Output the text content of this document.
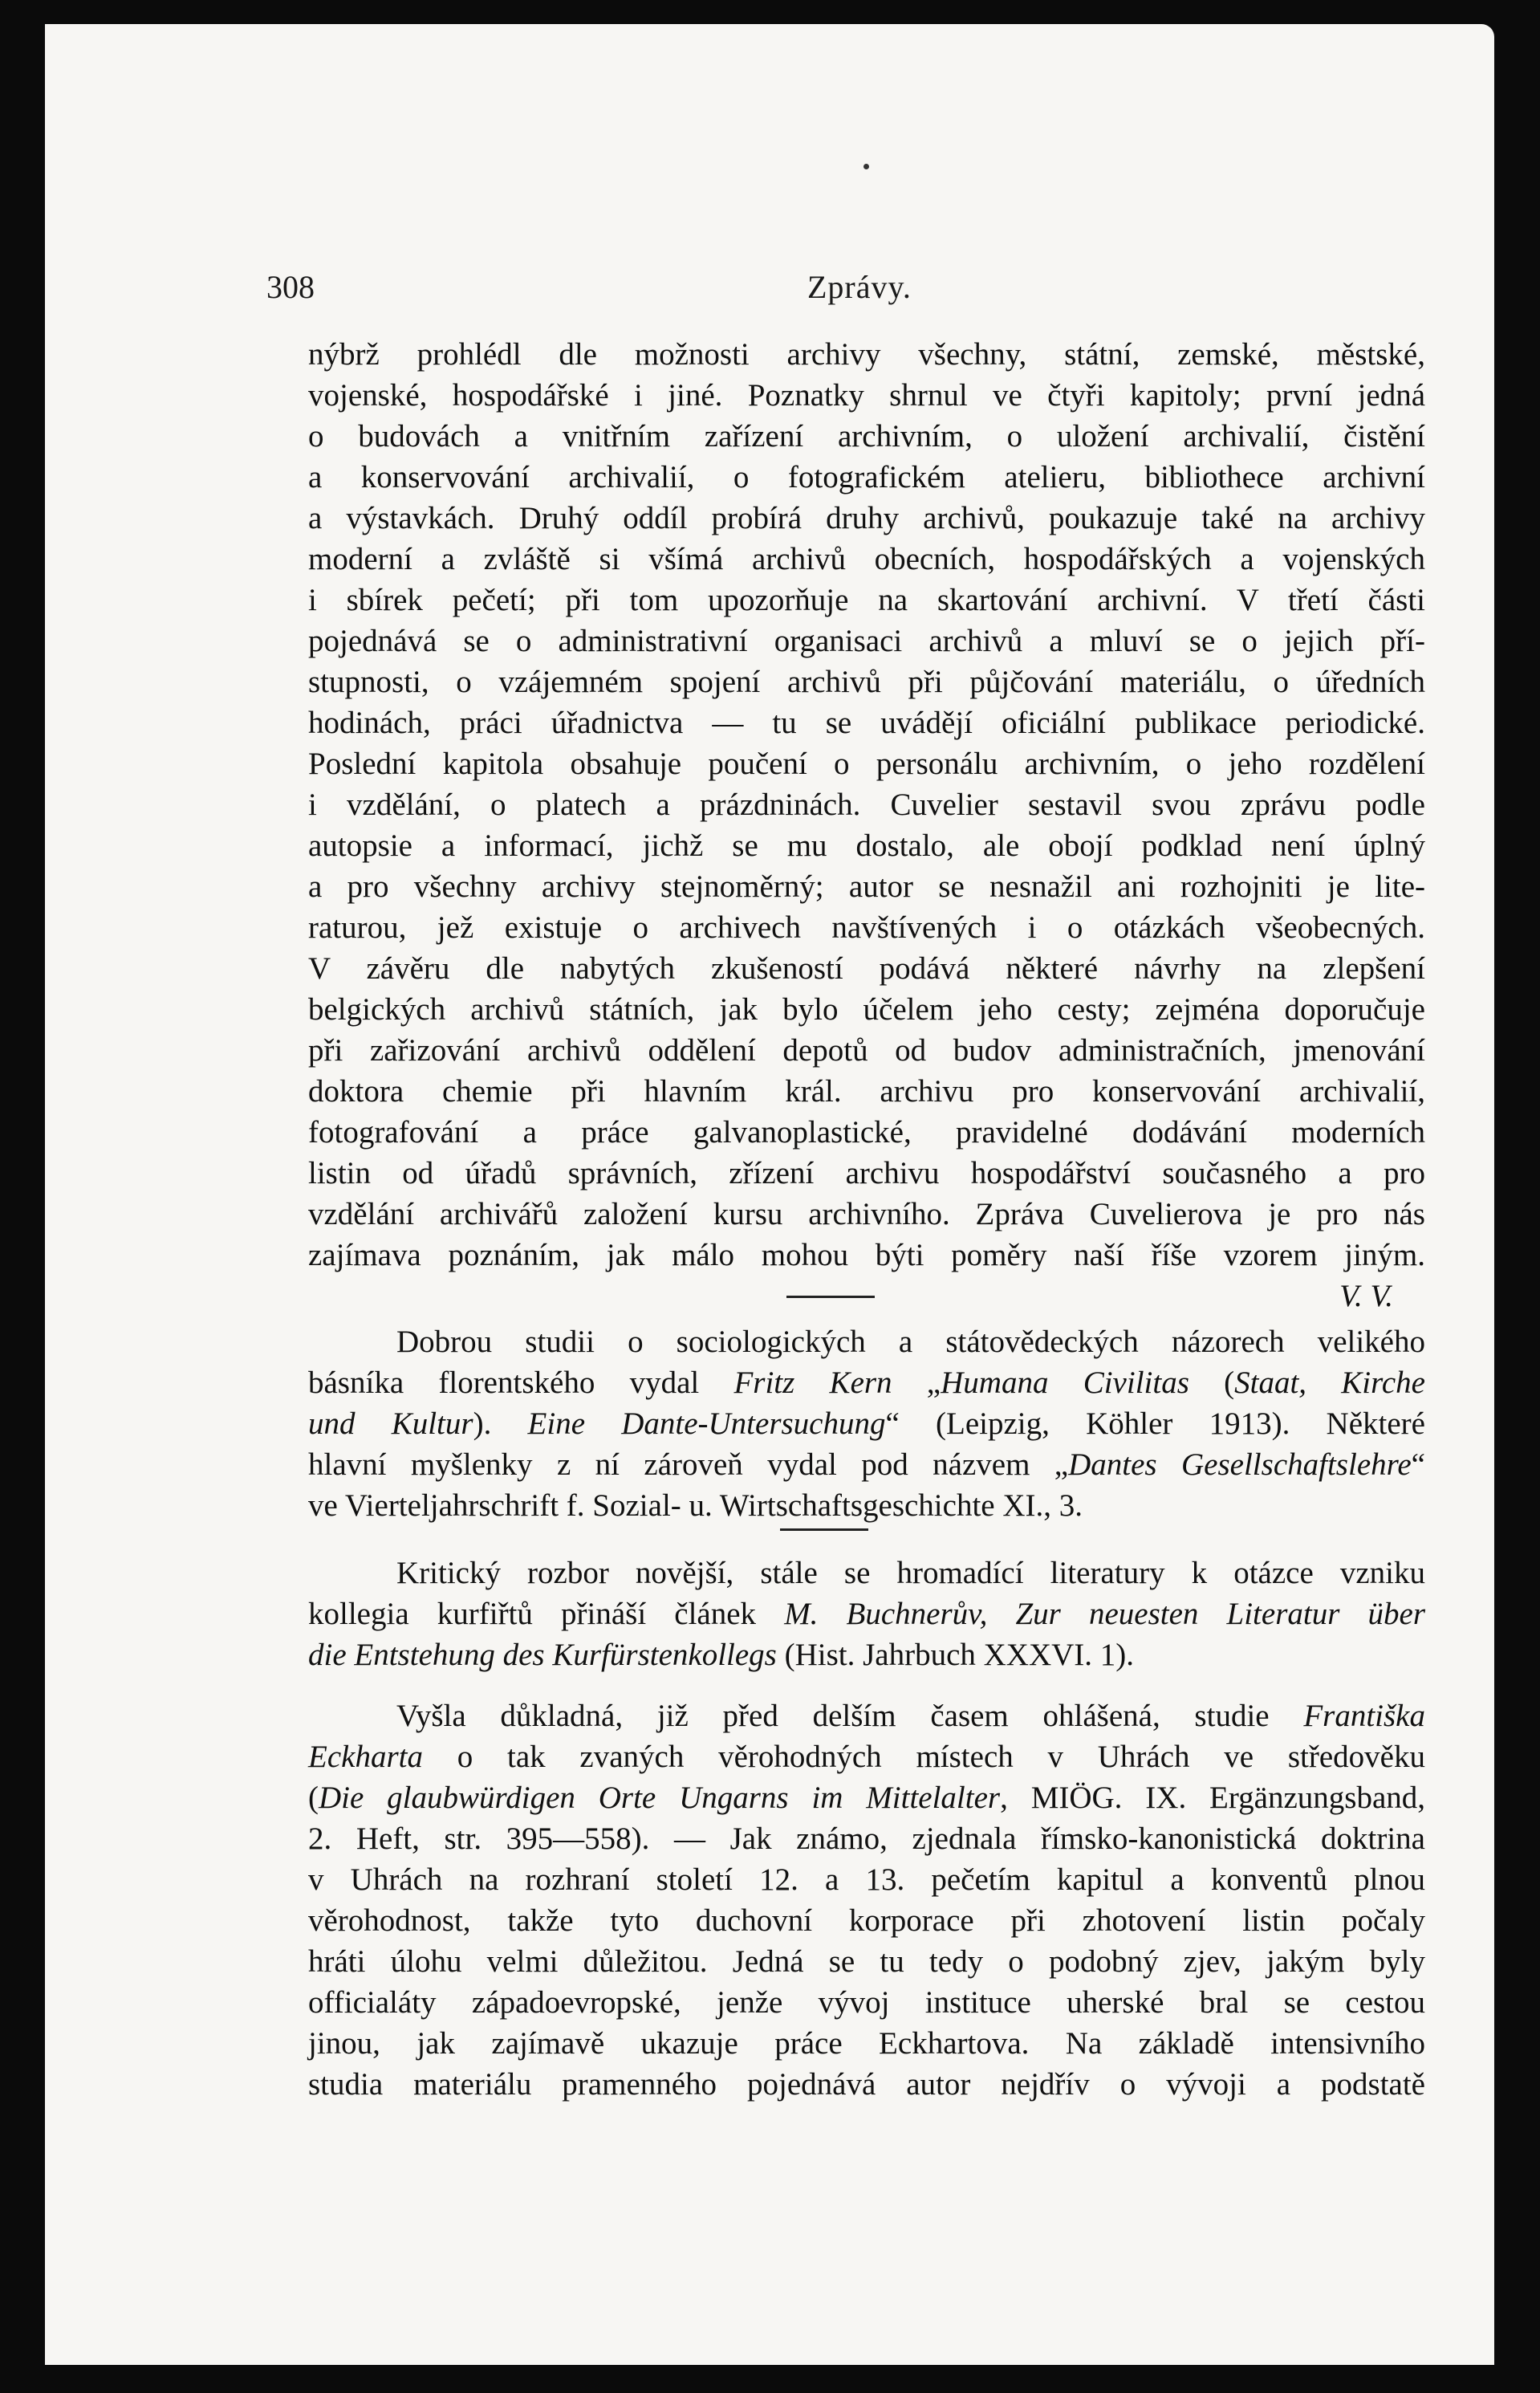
308	Zprávy.
nýbrž prohlédl dle možnosti archivy všechny, státní, zemské, městské,
vojenské, hospodářské i jiné. Poznatky shrnul ve čtyři kapitoly; první jedná
o budovách a vnitřním zařízení archivním, o uložení archivalií, čistění
a konservování archivalií, o fotografickém atelieru, bibliothece archivní
a výstavkách. Druhý oddíl probírá druhy archivů, poukazuje také na archivy
moderní a zvláště si všímá archivů obecních, hospodářských a vojenských
i sbírek pečetí; při tom upozorňuje na skartování archivní. V třetí části
pojednává se o administrativní organisaci archivů a mluví se o jejich pří-
stupnosti, o vzájemném spojení archivů při půjčování materiálu, o úředních
hodinách, práci úřadnictva — tu se uvádějí oficiální publikace periodické.
Poslední kapitola obsahuje poučení o personálu archivním, o jeho rozdělení
i vzdělání, o platech a prázdninách. Cuvelier sestavil svou zprávu podle
autopsie a informací, jichž se mu dostalo, ale obojí podklad není úplný
a pro všechny archivy stejnoměrný; autor se nesnažil ani rozhojniti je lite-
raturou, jež existuje o archivech navštívených i o otázkách všeobecných.
V závěru dle nabytých zkušeností podává některé návrhy na zlepšení
belgických archivů státních, jak bylo účelem jeho cesty; zejména doporučuje
při zařizování archivů oddělení depotů od budov administračních, jmenování
doktora chemie při hlavním král. archivu pro konservování archivalií,
fotografování a práce galvanoplastické, pravidelné dodávání moderních
listin od úřadů správních, zřízení archivu hospodářství současného a pro
vzdělání archivářů založení kursu archivního. Zpráva Cuvelierova je pro nás
zajímava poznáním, jak málo mohou býti poměry naší říše vzorem jiným.
V. V.
Dobrou studii o sociologických a státovědeckých názorech velikého
básníka florentského vydal Fritz Kern „Humana Civilitas (Staat, Kirche
und Kultur). Eine Dante-Untersuchung“ (Leipzig, Köhler 1913). Některé
hlavní myšlenky z ní zároveň vydal pod názvem „Dantes Gesellschaftslehre“
ve Vierteljahrschrift f. Sozial- u. Wirtschaftsgeschichte XI., 3.
Kritický rozbor novější, stále se hromadící literatury k otázce vzniku
kollegia kurfiřtů přináší článek M. Buchnerův, Zur neuesten Literatur über
die Entstehung des Kurfürstenkollegs (Hist. Jahrbuch XXXVI. 1).
Vyšla důkladná, již před delším časem ohlášená, studie Františka
Eckharta o tak zvaných věrohodných místech v Uhrách ve středověku
(Die glaubwürdigen Orte Ungarns im Mittelalter, MIÖG. IX. Ergänzungsband,
2. Heft, str. 395—558). — Jak známo, zjednala římsko-kanonistická doktrina
v Uhrách na rozhraní století 12. a 13. pečetím kapitul a konventů plnou
věrohodnost, takže tyto duchovní korporace při zhotovení listin počaly
hráti úlohu velmi důležitou. Jedná se tu tedy o podobný zjev, jakým byly
officialáty západoevropské, jenže vývoj instituce uherské bral se cestou
jinou, jak zajímavě ukazuje práce Eckhartova. Na základě intensivního
studia materiálu pramenného pojednává autor nejdřív o vývoji a podstatě
